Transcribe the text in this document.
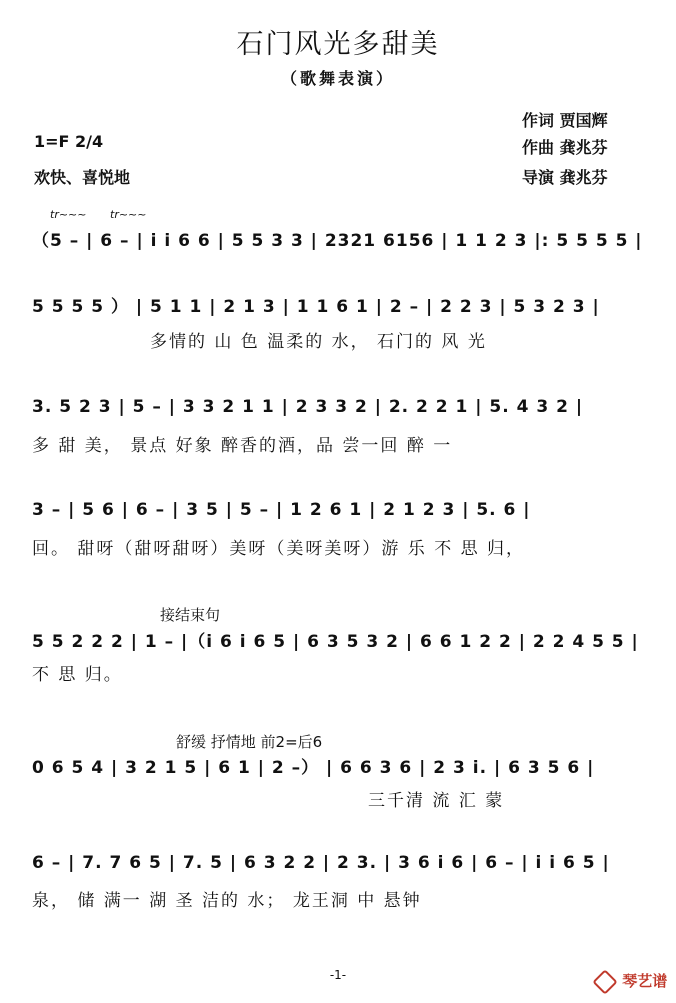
石门风光多甜美
（歌舞表演）
1=F 2/4
欢快、喜悦地
作词 贾国辉
作曲 龚兆芬
导演 龚兆芬
tr~~~ tr~~~
（5 – | 6 – | i i 6 6 | 5 5 3 3 | 2321 6156 | 1 1 2 3 |: 5 5 5 5 |
5 5 5 5 ） | 5 1 1 | 2 1 3 | 1 1 6 1 | 2 – | 2 2 3 | 5 3 2 3 |
多情的 山 色 温柔的 水， 石门的 风 光
3. 5 2 3 | 5 – | 3 3 2 1 1 | 2 3 3 2 | 2. 2 2 1 | 5. 4 3 2 |
多 甜 美， 景点 好象 醉香的酒，品 尝一回 醉 一
3 – | 5 6 | 6 – | 3 5 | 5 – | 1 2 6 1 | 2 1 2 3 | 5. 6 |
回。 甜呀（甜呀甜呀）美呀（美呀美呀）游 乐 不 思 归，
接结束句
5 5 2 2 2 | 1 – |（i 6 i 6 5 | 6 3 5 3 2 | 6 6 1 2 2 | 2 2 4 5 5 |
不 思 归。
舒缓 抒情地 前2=后6
0 6 5 4 | 3 2 1 5 | 6 1 | 2 –） | 6 6 3 6 | 2 3 i. | 6 3 5 6 |
三千清 流 汇 蒙
6 – | 7. 7 6 5 | 7. 5 | 6 3 2 2 | 2 3. | 3 6 i 6 | 6 – | i i 6 5 |
泉， 储 满一 湖 圣 洁的 水； 龙王洞 中 悬钟
-1-	琴艺谱
